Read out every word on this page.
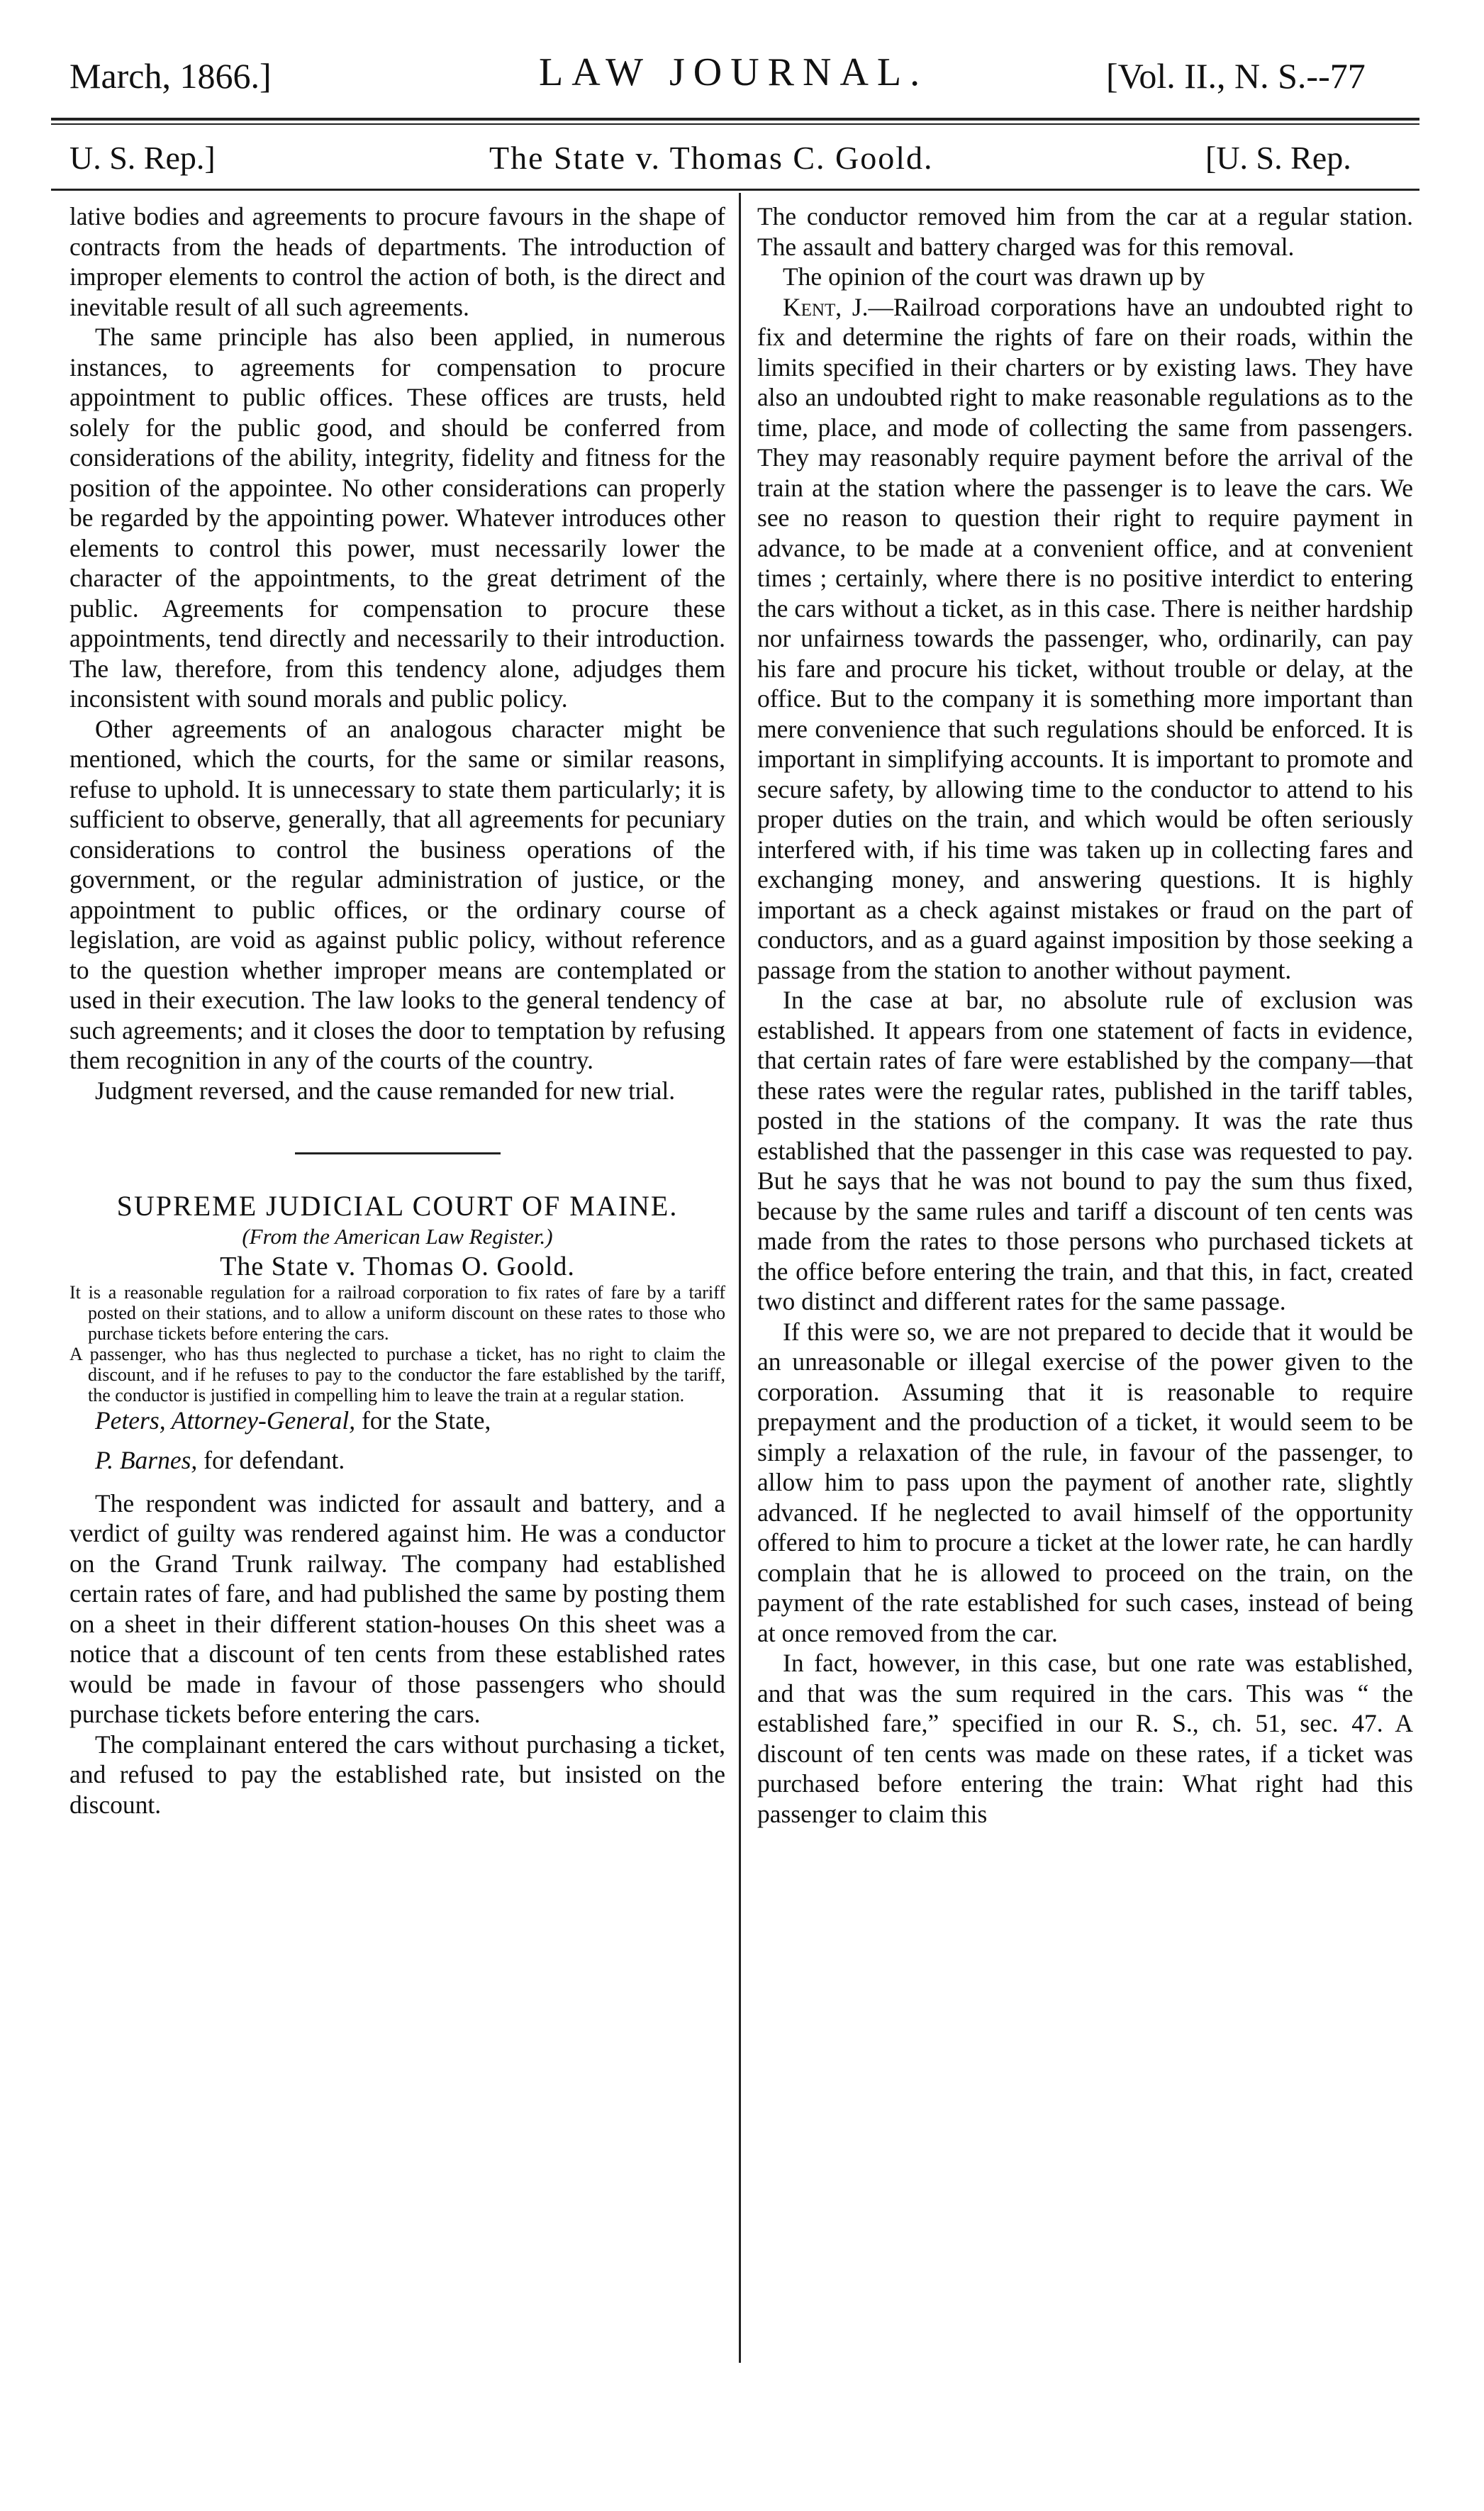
March, 1866.]	LAW JOURNAL.	[Vol. II., N. S.--77
U. S. Rep.]	The State v. Thomas C. Goold.	[U. S. Rep.

lative bodies and agreements to procure favours in the shape of contracts from the heads of departments. The introduction of improper elements to control the action of both, is the direct and inevitable result of all such agreements.

The same principle has also been applied, in numerous instances, to agreements for compensation to procure appointment to public offices. These offices are trusts, held solely for the public good, and should be conferred from considerations of the ability, integrity, fidelity and fitness for the position of the appointee. No other considerations can properly be regarded by the appointing power. Whatever introduces other elements to control this power, must necessarily lower the character of the appointments, to the great detriment of the public. Agreements for compensation to procure these appointments, tend directly and necessarily to their introduction. The law, therefore, from this tendency alone, adjudges them inconsistent with sound morals and public policy.

Other agreements of an analogous character might be mentioned, which the courts, for the same or similar reasons, refuse to uphold. It is unnecessary to state them particularly; it is sufficient to observe, generally, that all agreements for pecuniary considerations to control the business operations of the government, or the regular administration of justice, or the appointment to public offices, or the ordinary course of legislation, are void as against public policy, without reference to the question whether improper means are contemplated or used in their execution. The law looks to the general tendency of such agreements; and it closes the door to temptation by refusing them recognition in any of the courts of the country.

Judgment reversed, and the cause remanded for new trial.

SUPREME JUDICIAL COURT OF MAINE.

(From the American Law Register.)

The State v. Thomas O. Goold.

It is a reasonable regulation for a railroad corporation to fix rates of fare by a tariff posted on their stations, and to allow a uniform discount on these rates to those who purchase tickets before entering the cars.

A passenger, who has thus neglected to purchase a ticket, has no right to claim the discount, and if he refuses to pay to the conductor the fare established by the tariff, the conductor is justified in compelling him to leave the train at a regular station.

Peters, Attorney-General, for the State,

P. Barnes, for defendant.

The respondent was indicted for assault and battery, and a verdict of guilty was rendered against him. He was a conductor on the Grand Trunk railway. The company had established certain rates of fare, and had published the same by posting them on a sheet in their different station-houses On this sheet was a notice that a discount of ten cents from these established rates would be made in favour of those passengers who should purchase tickets before entering the cars.

The complainant entered the cars without purchasing a ticket, and refused to pay the established rate, but insisted on the discount.

The conductor removed him from the car at a regular station. The assault and battery charged was for this removal.

The opinion of the court was drawn up by

Kent, J.—Railroad corporations have an undoubted right to fix and determine the rights of fare on their roads, within the limits specified in their charters or by existing laws. They have also an undoubted right to make reasonable regulations as to the time, place, and mode of collecting the same from passengers. They may reasonably require payment before the arrival of the train at the station where the passenger is to leave the cars. We see no reason to question their right to require payment in advance, to be made at a convenient office, and at convenient times ; certainly, where there is no positive interdict to entering the cars without a ticket, as in this case. There is neither hardship nor unfairness towards the passenger, who, ordinarily, can pay his fare and procure his ticket, without trouble or delay, at the office. But to the company it is something more important than mere convenience that such regulations should be enforced. It is important in simplifying accounts. It is important to promote and secure safety, by allowing time to the conductor to attend to his proper duties on the train, and which would be often seriously interfered with, if his time was taken up in collecting fares and exchanging money, and answering questions. It is highly important as a check against mistakes or fraud on the part of conductors, and as a guard against imposition by those seeking a passage from the station to another without payment.

In the case at bar, no absolute rule of exclusion was established. It appears from one statement of facts in evidence, that certain rates of fare were established by the company—that these rates were the regular rates, published in the tariff tables, posted in the stations of the company. It was the rate thus established that the passenger in this case was requested to pay. But he says that he was not bound to pay the sum thus fixed, because by the same rules and tariff a discount of ten cents was made from the rates to those persons who purchased tickets at the office before entering the train, and that this, in fact, created two distinct and different rates for the same passage.

If this were so, we are not prepared to decide that it would be an unreasonable or illegal exercise of the power given to the corporation. Assuming that it is reasonable to require prepayment and the production of a ticket, it would seem to be simply a relaxation of the rule, in favour of the passenger, to allow him to pass upon the payment of another rate, slightly advanced. If he neglected to avail himself of the opportunity offered to him to procure a ticket at the lower rate, he can hardly complain that he is allowed to proceed on the train, on the payment of the rate established for such cases, instead of being at once removed from the car.

In fact, however, in this case, but one rate was established, and that was the sum required in the cars. This was “ the established fare,” specified in our R. S., ch. 51, sec. 47. A discount of ten cents was made on these rates, if a ticket was purchased before entering the train: What right had this passenger to claim this
